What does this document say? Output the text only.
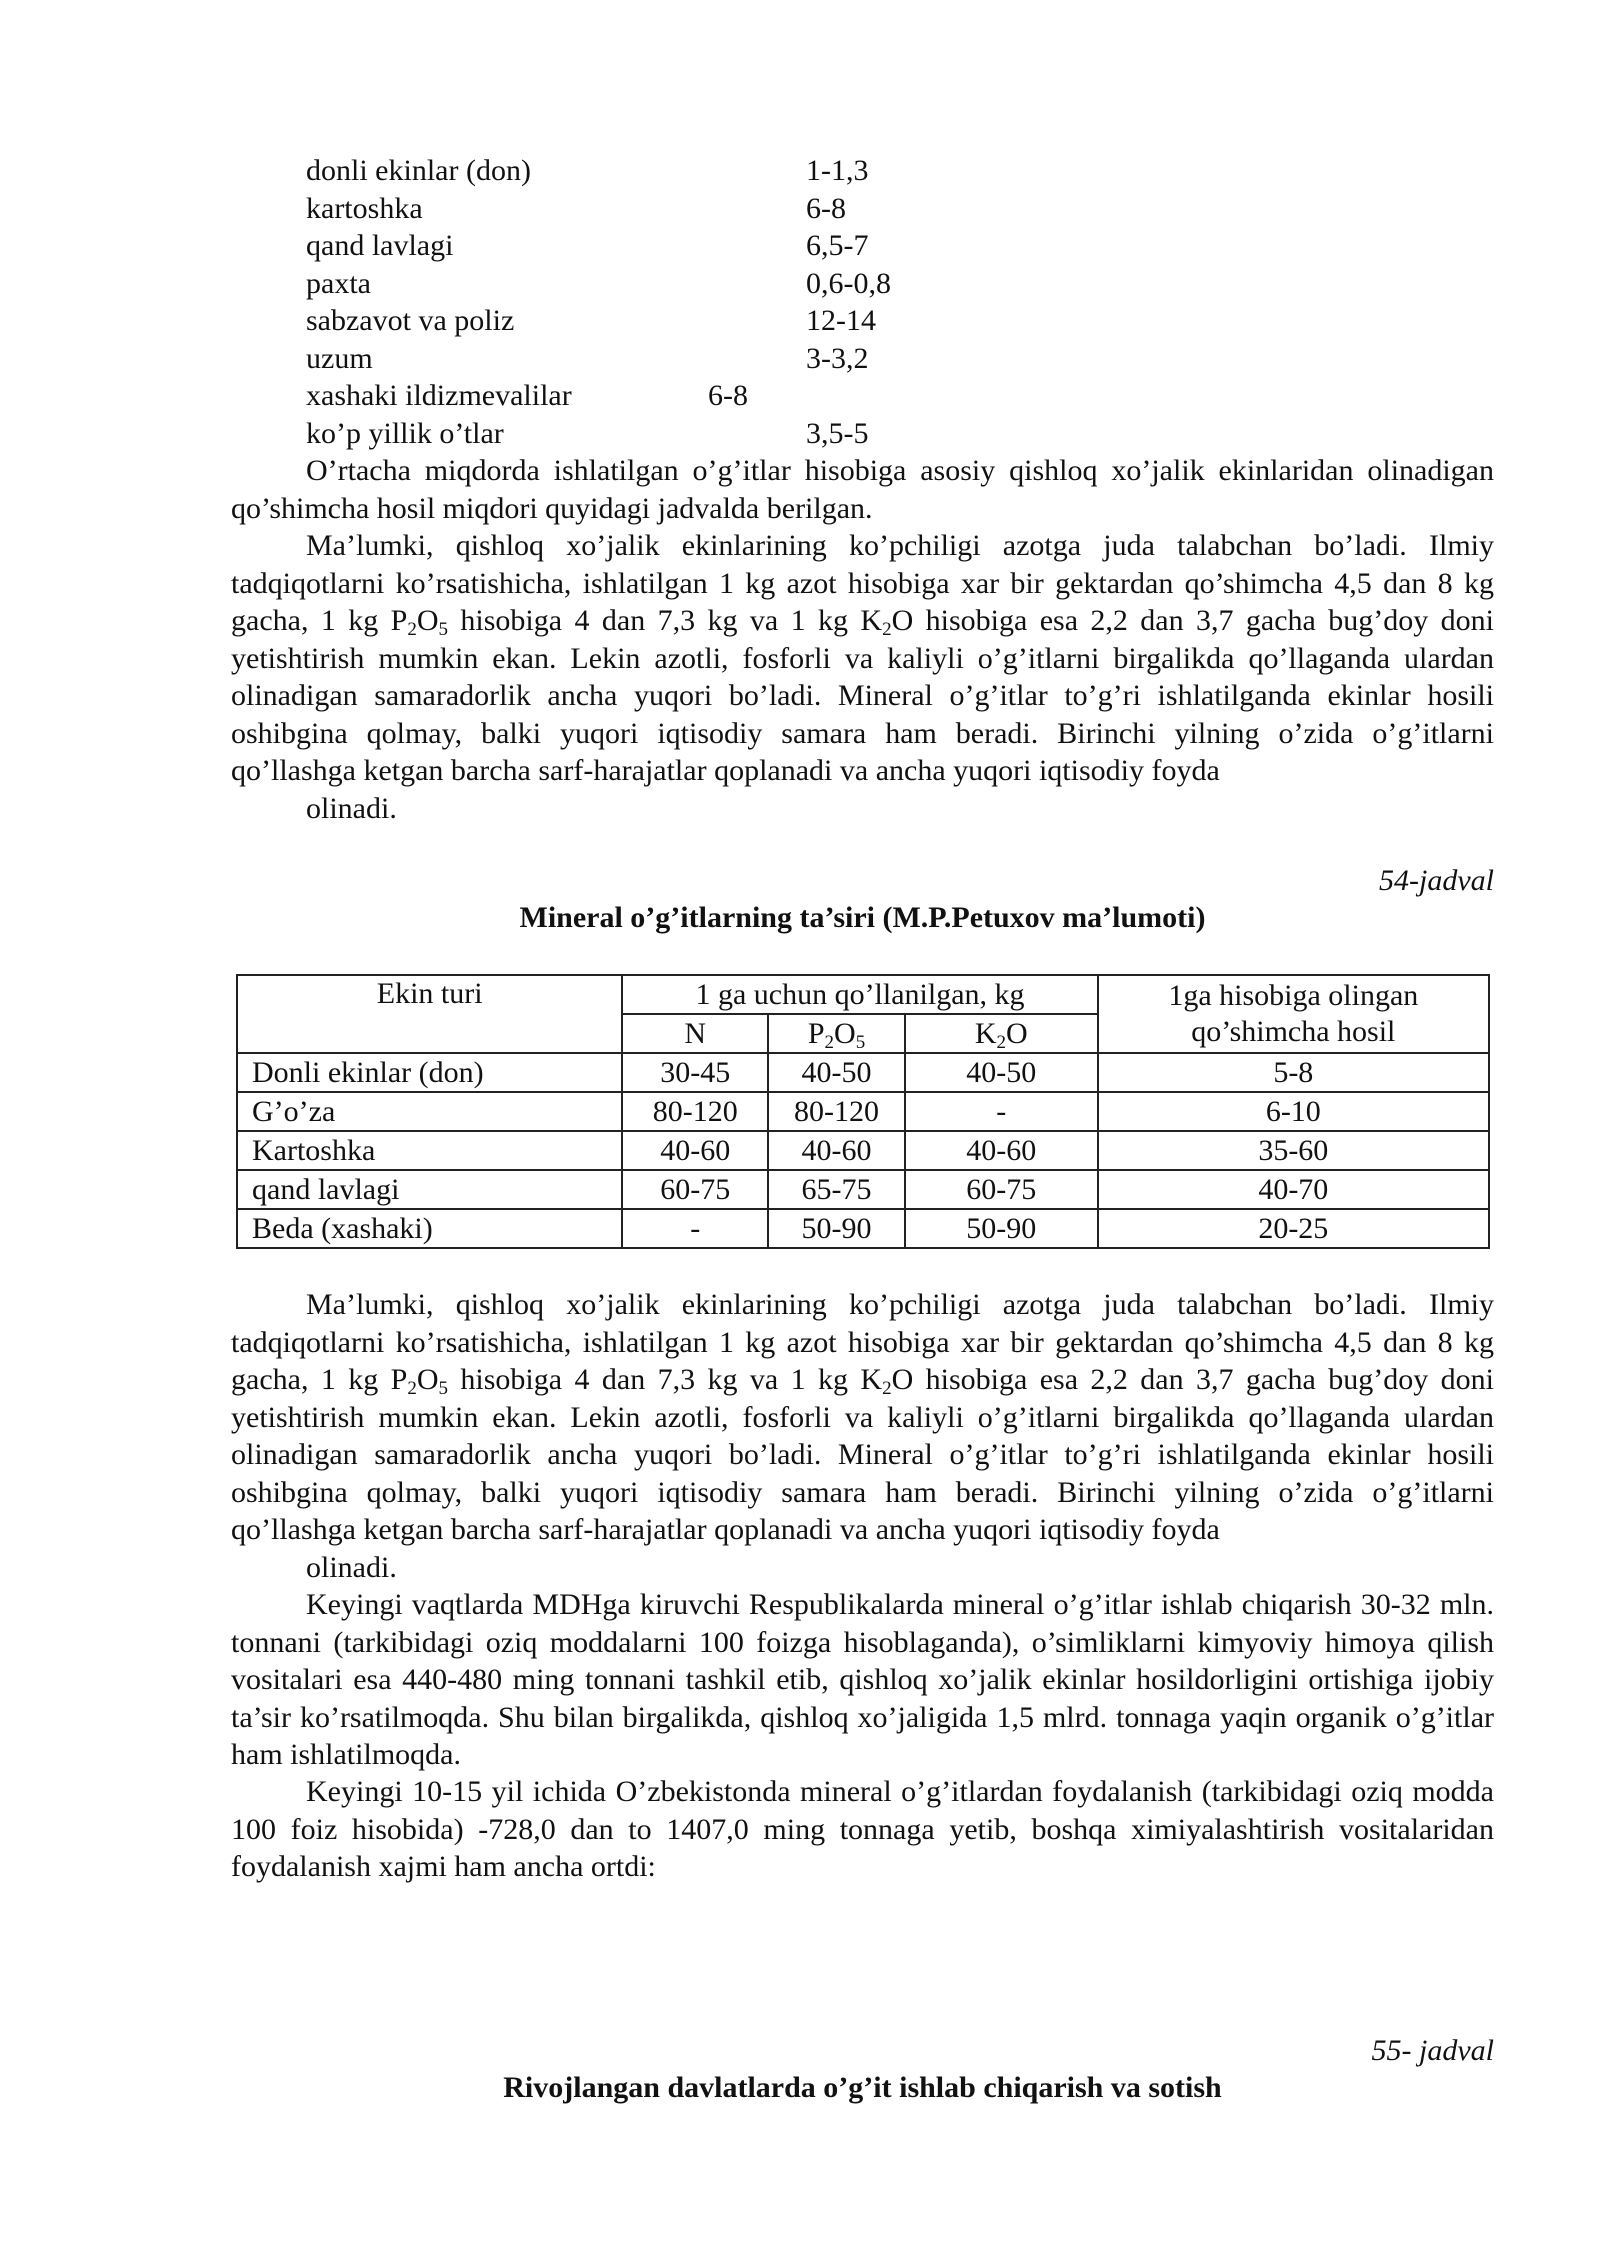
donli ekinlar (don)	1-1,3
kartoshka	6-8
qand lavlagi	6,5-7
paxta	0,6-0,8
sabzavot va poliz	12-14
uzum	3-3,2
xashaki ildizmevalilar	6-8
ko’p yillik o’tlar	3,5-5

O’rtacha miqdorda ishlatilgan o’g’itlar hisobiga asosiy qishloq xo’jalik ekinlaridan olinadigan qo’shimcha hosil miqdori quyidagi jadvalda berilgan.

Ma’lumki, qishloq xo’jalik ekinlarining ko’pchiligi azotga juda talabchan bo’ladi. Ilmiy tadqiqotlarni ko’rsatishicha, ishlatilgan 1 kg azot hisobiga xar bir gektardan qo’shimcha 4,5 dan 8 kg gacha, 1 kg $P_2O_5$ hisobiga 4 dan 7,3 kg va 1 kg $K_2O$ hisobiga esa 2,2 dan 3,7 gacha bug’doy doni yetishtirish mumkin ekan. Lekin azotli, fosforli va kaliyli o’g’itlarni birgalikda qo’llaganda ulardan olinadigan samaradorlik ancha yuqori bo’ladi. Mineral o’g’itlar to’g’ri ishlatilganda ekinlar hosili oshibgina qolmay, balki yuqori iqtisodiy samara ham beradi. Birinchi yilning o’zida o’g’itlarni qo’llashga ketgan barcha sarf-harajatlar qoplanadi va ancha yuqori iqtisodiy foyda
olinadi.

54-jadval
Mineral o’g’itlarning ta’siri (M.P.Petuxov ma’lumoti)
Ekin turi	1 ga uchun qo’llanilgan, kg			1ga hisobiga olingan qo’shimcha hosil
	N	$P_2O_5$	$K_2O$	
Donli ekinlar (don)	30-45	40-50	40-50	5-8
G’o’za	80-120	80-120	-	6-10
Kartoshka	40-60	40-60	40-60	35-60
qand lavlagi	60-75	65-75	60-75	40-70
Beda (xashaki)	-	50-90	50-90	20-25

Ma’lumki, qishloq xo’jalik ekinlarining ko’pchiligi azotga juda talabchan bo’ladi. Ilmiy tadqiqotlarni ko’rsatishicha, ishlatilgan 1 kg azot hisobiga xar bir gektardan qo’shimcha 4,5 dan 8 kg gacha, 1 kg $P_2O_5$ hisobiga 4 dan 7,3 kg va 1 kg $K_2O$ hisobiga esa 2,2 dan 3,7 gacha bug’doy doni yetishtirish mumkin ekan. Lekin azotli, fosforli va kaliyli o’g’itlarni birgalikda qo’llaganda ulardan olinadigan samaradorlik ancha yuqori bo’ladi. Mineral o’g’itlar to’g’ri ishlatilganda ekinlar hosili oshibgina qolmay, balki yuqori iqtisodiy samara ham beradi. Birinchi yilning o’zida o’g’itlarni qo’llashga ketgan barcha sarf-harajatlar qoplanadi va ancha yuqori iqtisodiy foyda
olinadi.

Keyingi vaqtlarda MDHga kiruvchi Respublikalarda mineral o’g’itlar ishlab chiqarish 30-32 mln. tonnani (tarkibidagi oziq moddalarni 100 foizga hisoblaganda), o’simliklarni kimyoviy himoya qilish vositalari esa 440-480 ming tonnani tashkil etib, qishloq xo’jalik ekinlar hosildorligini ortishiga ijobiy ta’sir ko’rsatilmoqda. Shu bilan birgalikda, qishloq xo’jaligida 1,5 mlrd. tonnaga yaqin organik o’g’itlar ham ishlatilmoqda.

Keyingi 10-15 yil ichida O’zbekistonda mineral o’g’itlardan foydalanish (tarkibidagi oziq modda 100 foiz hisobida) -728,0 dan to 1407,0 ming tonnaga yetib, boshqa ximiyalashtirish vositalaridan foydalanish xajmi ham ancha ortdi:

55- jadval
Rivojlangan davlatlarda o’g’it ishlab chiqarish va sotish
